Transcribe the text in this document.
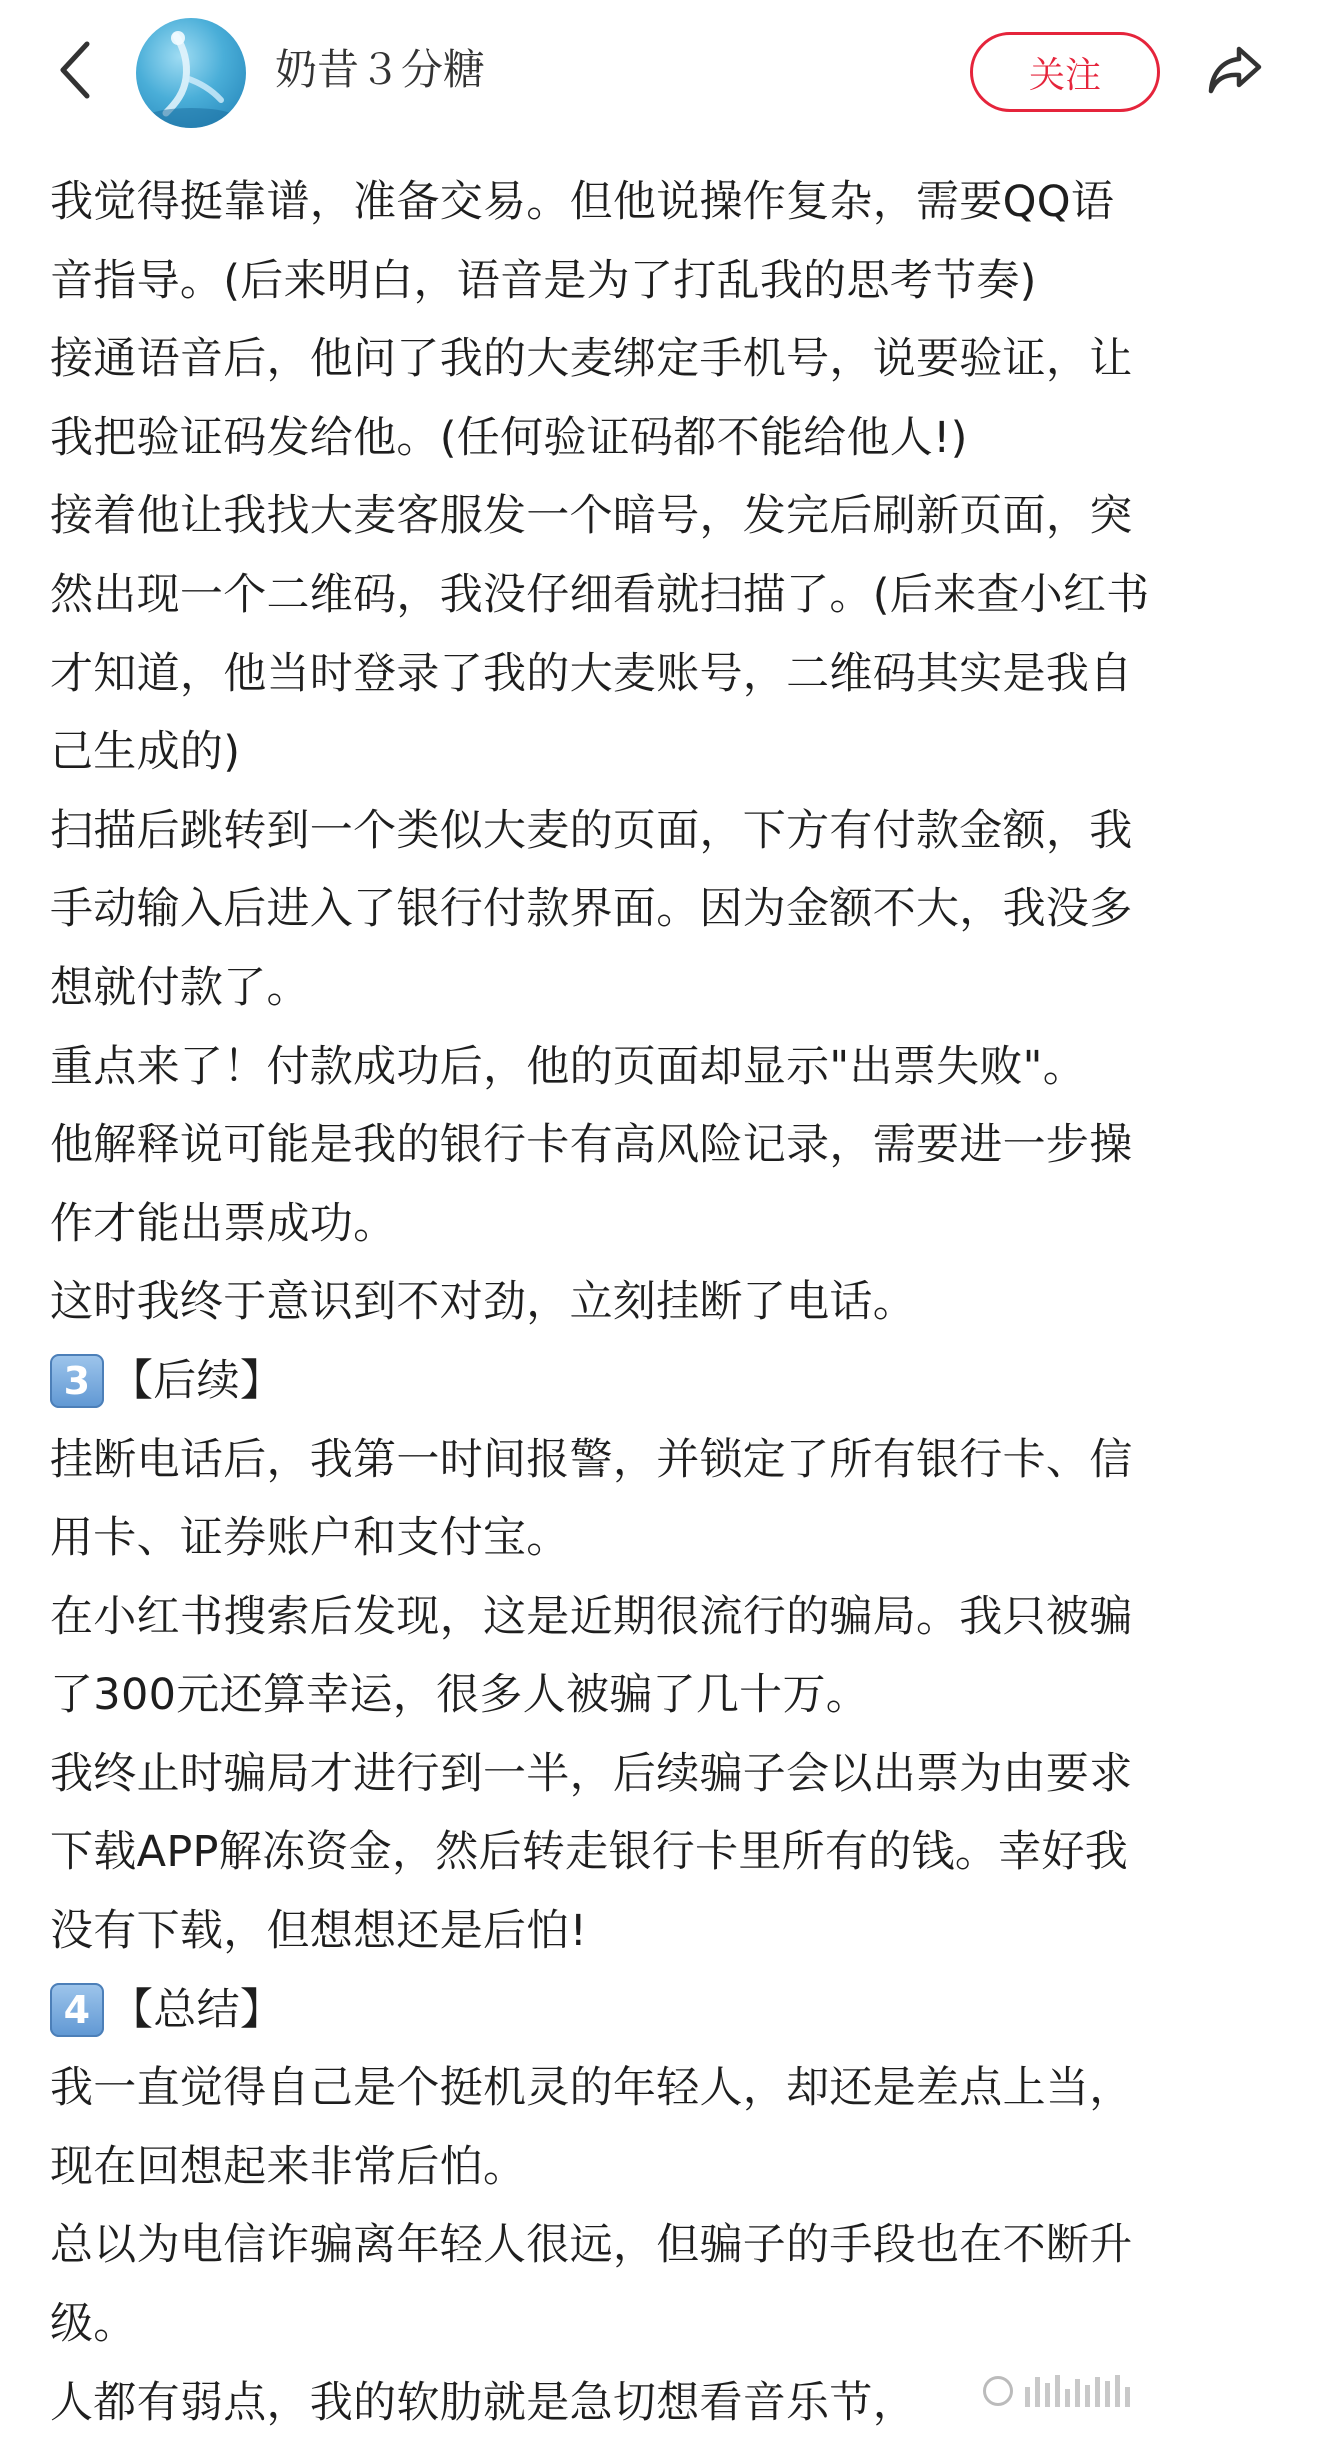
奶昔３分糖	关注
我觉得挺靠谱，准备交易。但他说操作复杂，需要QQ语
音指导。(后来明白，语音是为了打乱我的思考节奏)
接通语音后，他问了我的大麦绑定手机号，说要验证，让
我把验证码发给他。(任何验证码都不能给他人!)
接着他让我找大麦客服发一个暗号，发完后刷新页面，突
然出现一个二维码，我没仔细看就扫描了。(后来查小红书
才知道，他当时登录了我的大麦账号，二维码其实是我自
己生成的)
扫描后跳转到一个类似大麦的页面，下方有付款金额，我
手动输入后进入了银行付款界面。因为金额不大，我没多
想就付款了。
重点来了！付款成功后，他的页面却显示"出票失败"。
他解释说可能是我的银行卡有高风险记录，需要进一步操
作才能出票成功。
这时我终于意识到不对劲，立刻挂断了电话。
3 【后续】
挂断电话后，我第一时间报警，并锁定了所有银行卡、信
用卡、证券账户和支付宝。
在小红书搜索后发现，这是近期很流行的骗局。我只被骗
了300元还算幸运，很多人被骗了几十万。
我终止时骗局才进行到一半，后续骗子会以出票为由要求
下载APP解冻资金，然后转走银行卡里所有的钱。幸好我
没有下载，但想想还是后怕!
4 【总结】
我一直觉得自己是个挺机灵的年轻人，却还是差点上当，
现在回想起来非常后怕。
总以为电信诈骗离年轻人很远，但骗子的手段也在不断升
级。
人都有弱点，我的软肋就是急切想看音乐节，
